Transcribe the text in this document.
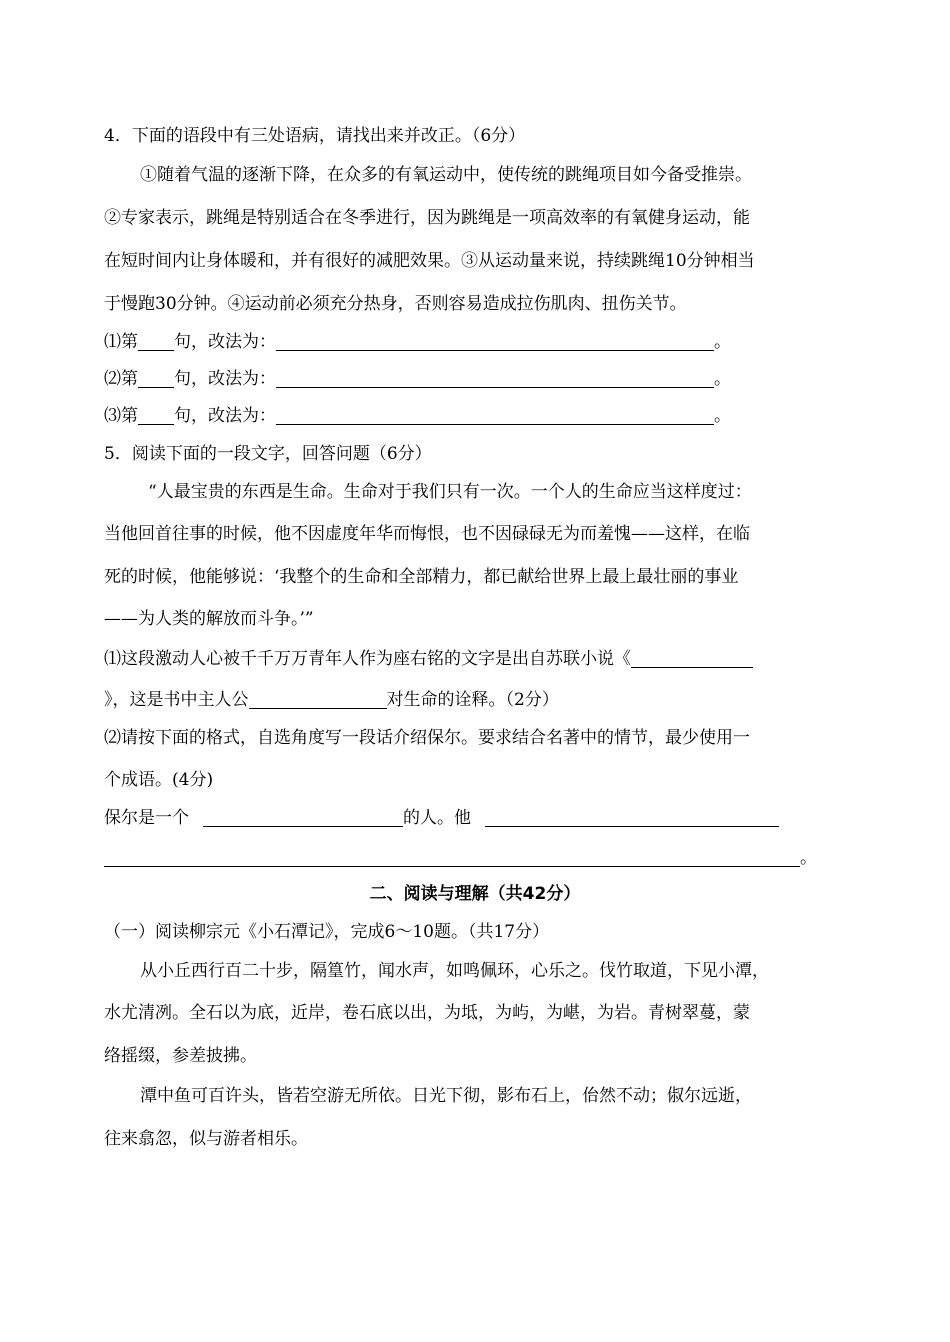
4．下面的语段中有三处语病，请找出来并改正。（6分）
①随着气温的逐渐下降，在众多的有氧运动中，使传统的跳绳项目如今备受推崇。
②专家表示，跳绳是特别适合在冬季进行，因为跳绳是一项高效率的有氧健身运动，能
在短时间内让身体暖和，并有很好的减肥效果。③从运动量来说，持续跳绳10分钟相当
于慢跑30分钟。④运动前必须充分热身，否则容易造成拉伤肌肉、扭伤关节。
⑴第 句，改法为：	。
⑵第 句，改法为：	。
⑶第 句，改法为：	。
5．阅读下面的一段文字，回答问题（6分）
“人最宝贵的东西是生命。生命对于我们只有一次。一个人的生命应当这样度过：
当他回首往事的时候，他不因虚度年华而悔恨，也不因碌碌无为而羞愧——这样，在临
死的时候，他能够说：‘我整个的生命和全部精力，都已献给世界上最上最壮丽的事业
——为人类的解放而斗争。’”
⑴这段激动人心被千千万万青年人作为座右铭的文字是出自苏联小说《
》，这是书中主人公	对生命的诠释。（2分）
⑵请按下面的格式，自选角度写一段话介绍保尔。要求结合名著中的情节，最少使用一
个成语。(4分)
保尔是一个	的人。他
。
二、阅读与理解（共42分）
（一）阅读柳宗元《小石潭记》，完成6～10题。（共17分）
从小丘西行百二十步，隔篁竹，闻水声，如鸣佩环，心乐之。伐竹取道，下见小潭，
水尤清冽。全石以为底，近岸，卷石底以出，为坻，为屿，为嵁，为岩。青树翠蔓，蒙
络摇缀，参差披拂。
潭中鱼可百许头，皆若空游无所依。日光下彻，影布石上，佁然不动；俶尔远逝，
往来翕忽，似与游者相乐。
